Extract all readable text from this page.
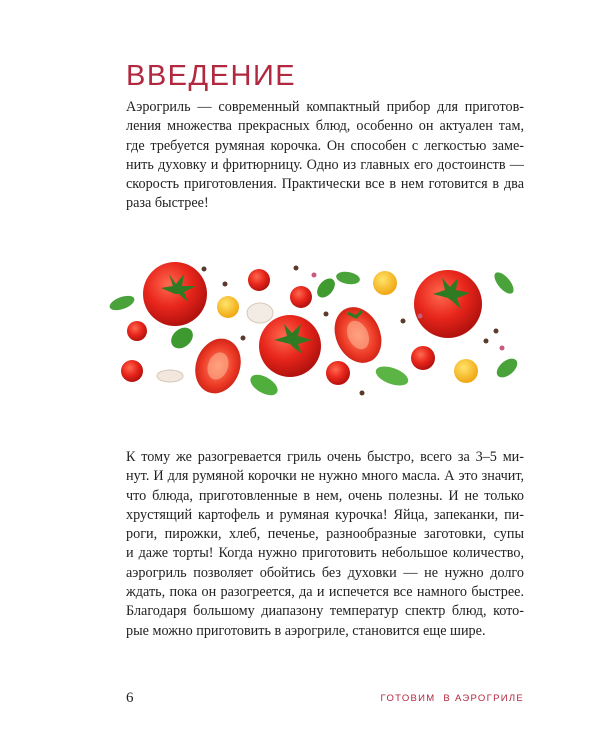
ВВЕДЕНИЕ

Аэрогриль — современный компактный прибор для приготов-
ления множества прекрасных блюд, особенно он актуален там,
где требуется румяная корочка. Он способен с легкостью заме-
нить духовку и фритюрницу. Одно из главных его достоинств —
скорость приготовления. Практически все в нем готовится в два
раза быстрее!

К тому же разогревается гриль очень быстро, всего за 3–5 ми-
нут. И для румяной корочки не нужно много масла. А это значит,
что блюда, приготовленные в нем, очень полезны. И не только
хрустящий картофель и румяная курочка! Яйца, запеканки, пи-
роги, пирожки, хлеб, печенье, разнообразные заготовки, супы
и даже торты! Когда нужно приготовить небольшое количество,
аэрогриль позволяет обойтись без духовки — не нужно долго
ждать, пока он разогреется, да и испечется все намного быстрее.
Благодаря большому диапазону температур спектр блюд, кото-
рые можно приготовить в аэрогриле, становится еще шире.

6	ГОТОВИМ  В АЭРОГРИЛЕ
